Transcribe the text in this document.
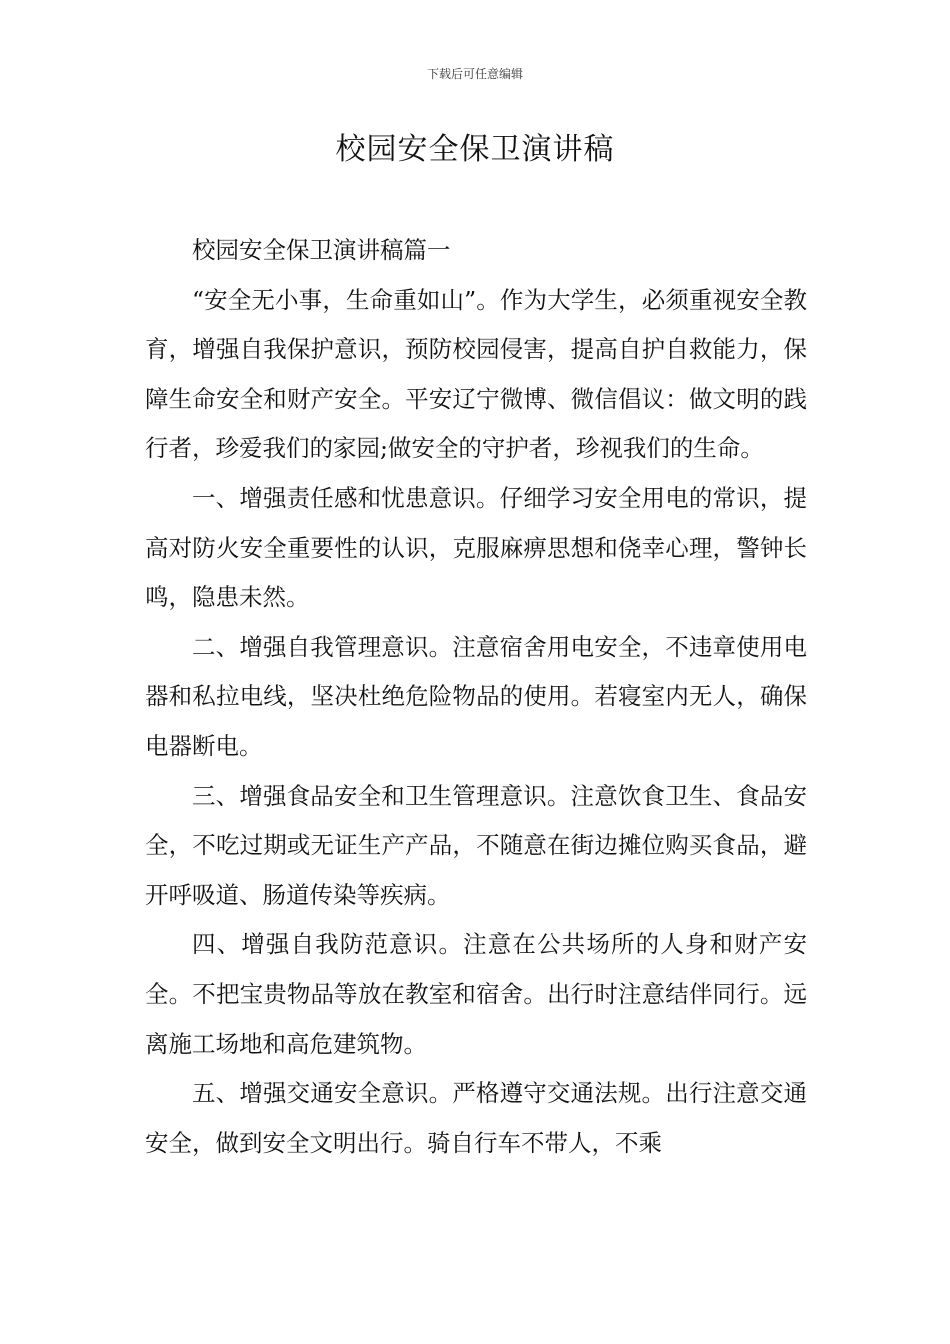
下载后可任意编辑
校园安全保卫演讲稿

校园安全保卫演讲稿篇一

“安全无小事，生命重如山”。作为大学生，必须重视安全教育，增强自我保护意识，预防校园侵害，提高自护自救能力，保障生命安全和财产安全。平安辽宁微博、微信倡议：做文明的践行者，珍爱我们的家园;做安全的守护者，珍视我们的生命。

一、增强责任感和忧患意识。仔细学习安全用电的常识，提高对防火安全重要性的认识，克服麻痹思想和侥幸心理，警钟长鸣，隐患未然。

二、增强自我管理意识。注意宿舍用电安全，不违章使用电器和私拉电线，坚决杜绝危险物品的使用。若寝室内无人，确保电器断电。

三、增强食品安全和卫生管理意识。注意饮食卫生、食品安全，不吃过期或无证生产产品，不随意在街边摊位购买食品，避开呼吸道、肠道传染等疾病。

四、增强自我防范意识。注意在公共场所的人身和财产安全。不把宝贵物品等放在教室和宿舍。出行时注意结伴同行。远离施工场地和高危建筑物。

五、增强交通安全意识。严格遵守交通法规。出行注意交通安全，做到安全文明出行。骑自行车不带人，不乘
